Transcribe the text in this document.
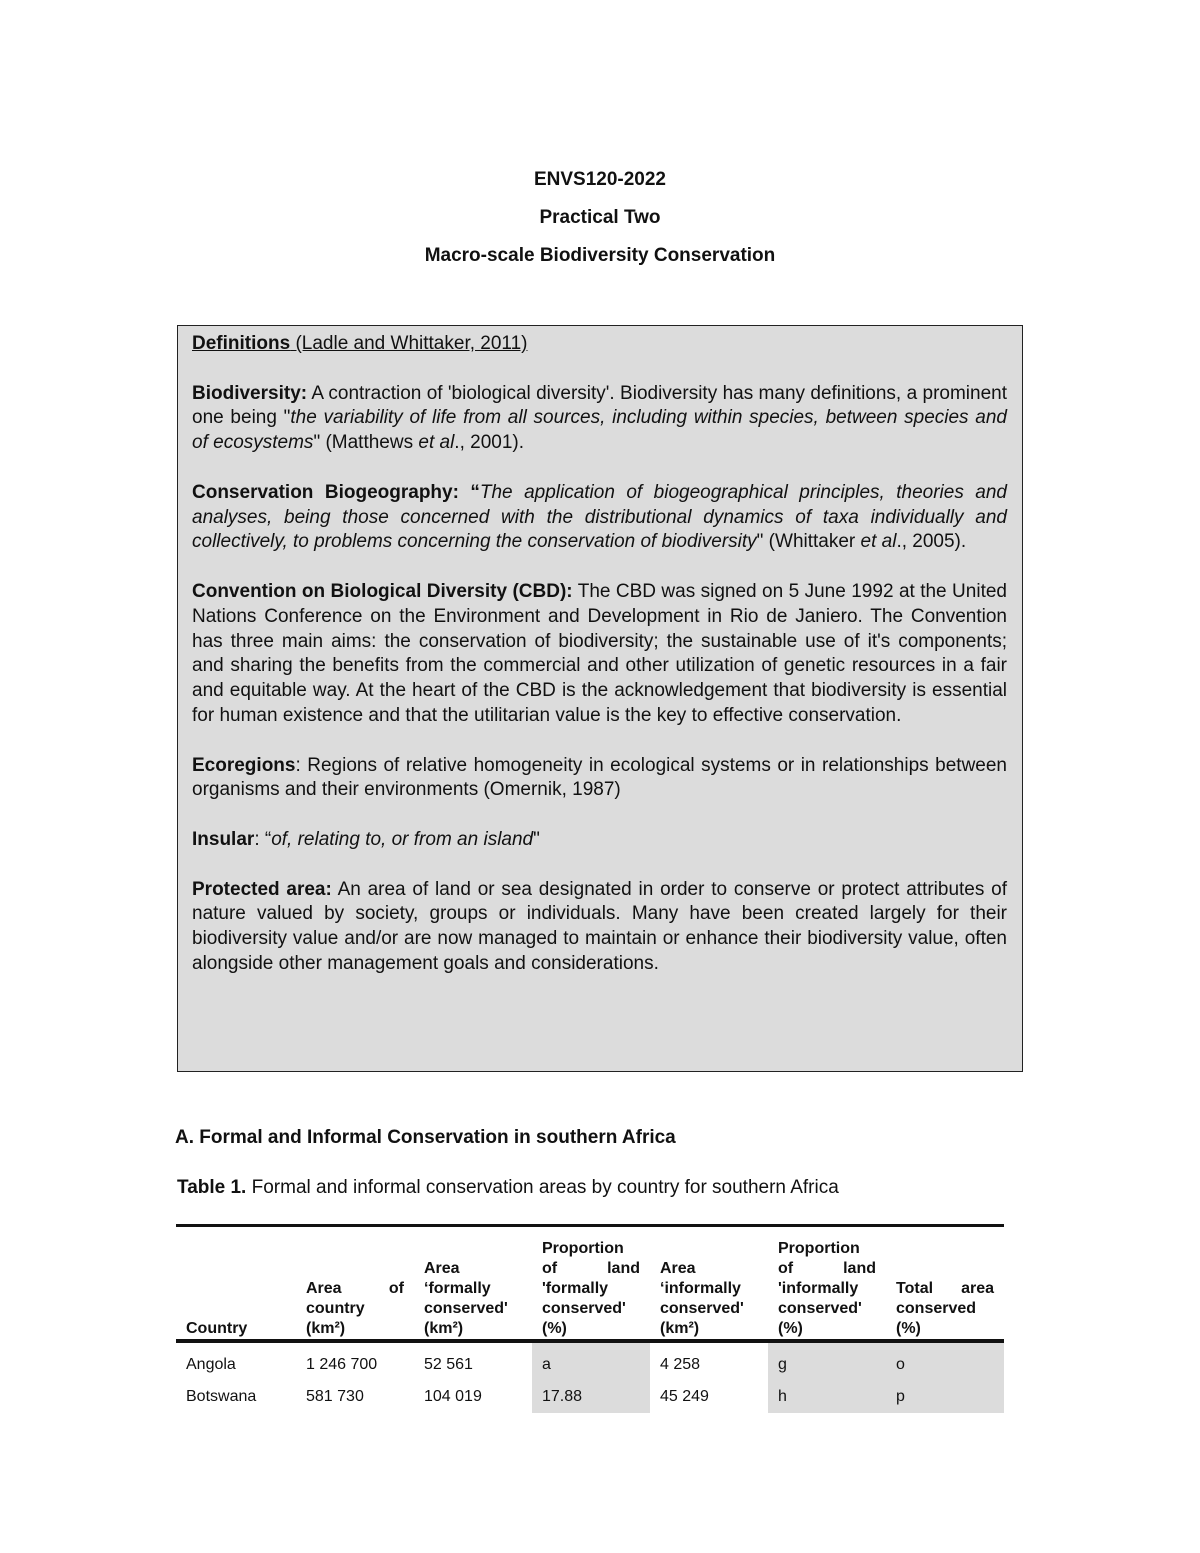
ENVS120-2022
Practical Two
Macro-scale Biodiversity Conservation

Definitions (Ladle and Whittaker, 2011)

Biodiversity: A contraction of 'biological diversity'. Biodiversity has many definitions, a prominent one being "the variability of life from all sources, including within species, between species and of ecosystems" (Matthews et al., 2001).

Conservation Biogeography: “The application of biogeographical principles, theories and analyses, being those concerned with the distributional dynamics of taxa individually and collectively, to problems concerning the conservation of biodiversity" (Whittaker et al., 2005).

Convention on Biological Diversity (CBD): The CBD was signed on 5 June 1992 at the United Nations Conference on the Environment and Development in Rio de Janiero. The Convention has three main aims: the conservation of biodiversity; the sustainable use of it's components; and sharing the benefits from the commercial and other utilization of genetic resources in a fair and equitable way. At the heart of the CBD is the acknowledgement that biodiversity is essential for human existence and that the utilitarian value is the key to effective conservation.

Ecoregions: Regions of relative homogeneity in ecological systems or in relationships between organisms and their environments (Omernik, 1987)

Insular: “of, relating to, or from an island"

Protected area: An area of land or sea designated in order to conserve or protect attributes of nature valued by society, groups or individuals. Many have been created largely for their biodiversity value and/or are now managed to maintain or enhance their biodiversity value, often alongside other management goals and considerations.

A. Formal and Informal Conservation in southern Africa
Table 1. Formal and informal conservation areas by country for southern Africa
Country	Area of country (km²)	Area ‘formally conserved' (km²)	Proportion of land 'formally conserved' (%)	Area ‘informally conserved' (km²)	Proportion of land 'informally conserved' (%)	Total area conserved (%)
Angola	1 246 700	52 561	a	4 258	g	o
Botswana	581 730	104 019	17.88	45 249	h	p
